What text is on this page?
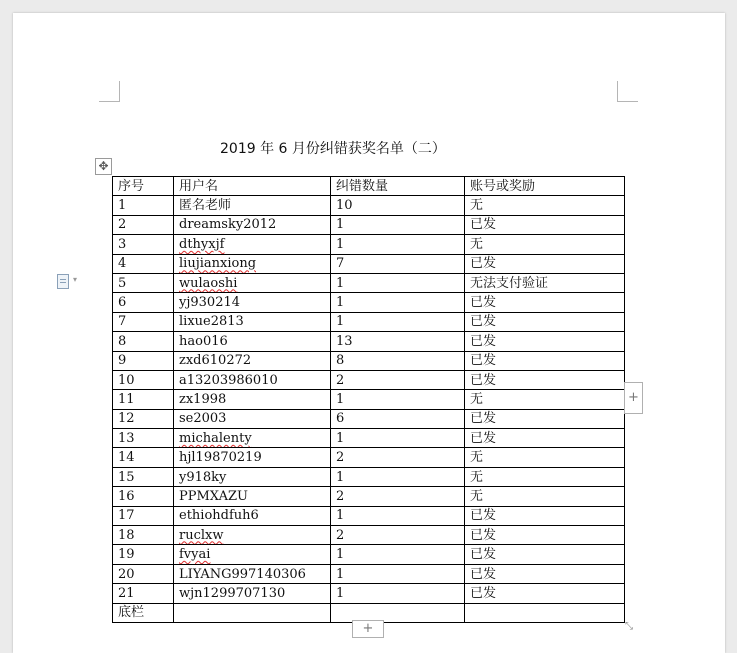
2019 年 6 月份纠错获奖名单（二）
✥
▾
序号	用户名	纠错数量	账号或奖励
1	匿名老师	10	无
2	dreamsky2012	1	已发
3	dthyxjf	1	无
4	liujianxiong	7	已发
5	wulaoshi	1	无法支付验证
6	yj930214	1	已发
7	lixue2813	1	已发
8	hao016	13	已发
9	zxd610272	8	已发
10	a13203986010	2	已发
11	zx1998	1	无
12	se2003	6	已发
13	michalenty	1	已发
14	hjl19870219	2	无
15	y918ky	1	无
16	PPMXAZU	2	无
17	ethiohdfuh6	1	已发
18	ruclxw	2	已发
19	fvyai	1	已发
20	LIYANG997140306	1	已发
21	wjn1299707130	1	已发
底栏			
+
+	⤡
